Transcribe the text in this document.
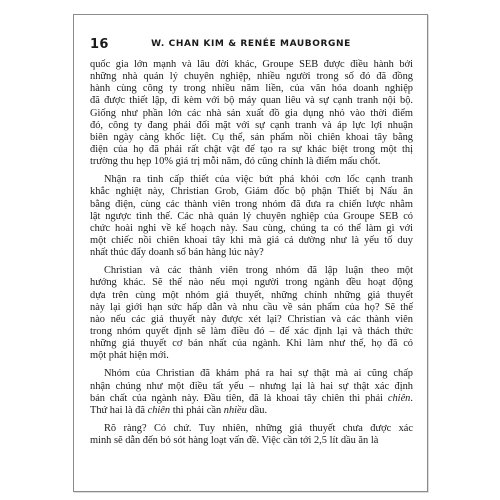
16	W. CHAN KIM & RENÉE MAUBORGNE

quốc gia lớn mạnh và lâu đời khác, Groupe SEB được điều hành bởi
những nhà quản lý chuyên nghiệp, nhiều người trong số đó đã đồng
hành cùng công ty trong nhiều năm liền, của văn hóa doanh nghiệp
đã được thiết lập, đi kèm với bộ máy quan liêu và sự cạnh tranh nội bộ.
Giống như phần lớn các nhà sản xuất đồ gia dụng nhỏ vào thời điểm
đó, công ty đang phải đối mặt với sự cạnh tranh và áp lực lợi nhuận
biên ngày càng khốc liệt. Cụ thể, sản phẩm nồi chiên khoai tây bằng
điện của họ đã phải rất chật vật để tạo ra sự khác biệt trong một thị
trường thu hẹp 10% giá trị mỗi năm, đó cũng chính là điểm mấu chốt.

Nhận ra tình cấp thiết của việc bứt phá khỏi cơn lốc cạnh tranh
khắc nghiệt này, Christian Grob, Giám đốc bộ phận Thiết bị Nấu ăn
bằng điện, cùng các thành viên trong nhóm đã đưa ra chiến lược nhằm
lật ngược tình thế. Các nhà quản lý chuyên nghiệp của Groupe SEB có
chức hoài nghi về kế hoạch này. Sau cùng, chúng ta có thể làm gì với
một chiếc nồi chiên khoai tây khi mà giá cả dường như là yếu tố duy
nhất thúc đẩy doanh số bán hàng lúc này?

Christian và các thành viên trong nhóm đã lập luận theo một
hướng khác. Sẽ thế nào nếu mọi người trong ngành đều hoạt động
dựa trên cùng một nhóm giả thuyết, những chính những giả thuyết
này lại giới hạn sức hấp dẫn và nhu cầu về sản phẩm của họ? Sẽ thế
nào nếu các giả thuyết này được xét lại? Christian và các thành viên
trong nhóm quyết định sẽ làm điều đó – để xác định lại và thách thức
những giả thuyết cơ bản nhất của ngành. Khi làm như thế, họ đã có
một phát hiện mới.

Nhóm của Christian đã khám phá ra hai sự thật mà ai cũng chấp
nhận chúng như một điều tất yếu – nhưng lại là hai sự thật xác định
bản chất của ngành này. Đầu tiên, đã là khoai tây chiên thì phải chiên.
Thứ hai là đã chiên thì phải cần nhiều dầu.

Rõ ràng? Có chứ. Tuy nhiên, những giả thuyết chưa được xác
minh sẽ dẫn đến bỏ sót hàng loạt vấn đề. Việc cần tới 2,5 lít dầu ăn là
